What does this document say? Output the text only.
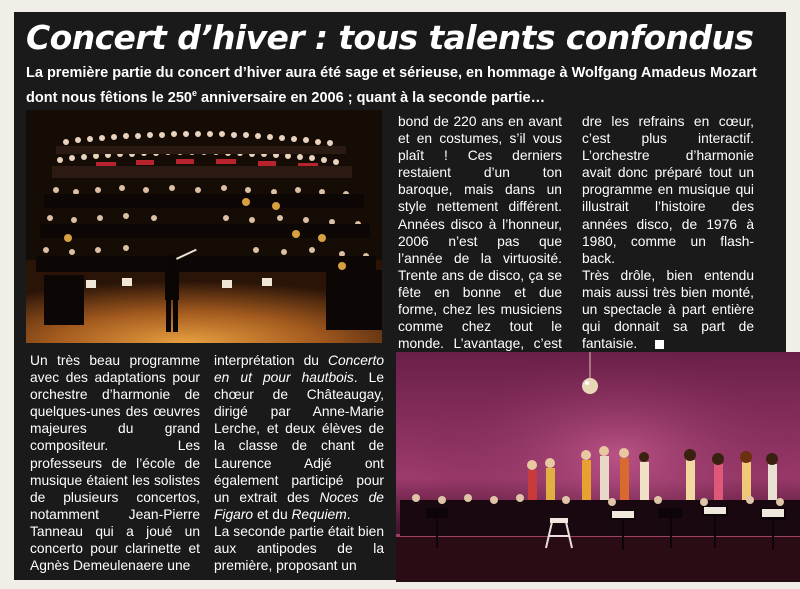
Concert d’hiver : tous talents confondus

La première partie du concert d’hiver aura été sage et sérieuse, en hommage à Wolfgang Amadeus Mozart dont nous fêtions le 250e anniversaire en 2006 ; quant à la seconde partie…

bond de 220 ans en avant et en costumes, s’il vous plaît ! Ces derniers restaient d’un ton baroque, mais dans un style nettement différent. Années disco à l’honneur, 2006 n’est pas que l’année de la virtuosité. Trente ans de disco, ça se fête en bonne et due forme, chez les musiciens comme chez tout le monde. L’avantage, c’est

dre les refrains en cœur, c’est plus interactif. L’orchestre d’harmonie avait donc préparé tout un programme en musique qui illustrait l’histoire des années disco, de 1976 à 1980, comme un flash-back.

Très drôle, bien entendu mais aussi très bien monté, un spectacle à part entière qui donnait sa part de fantaisie.

Un très beau programme avec des adaptations pour orchestre d’harmonie de quelques-unes des œuvres majeures du grand compositeur. Les professeurs de l’école de musique étaient les solistes de plusieurs concertos, notamment Jean-Pierre Tanneau qui a joué un concerto pour clarinette et Agnès Demeulenaere une

interprétation du Concerto en ut pour hautbois. Le chœur de Châteaugay, dirigé par Anne-Marie Lerche, et deux élèves de la classe de chant de Laurence Adjé ont également participé pour un extrait des Noces de Figaro et du Requiem.

La seconde partie était bien aux antipodes de la première, proposant un
